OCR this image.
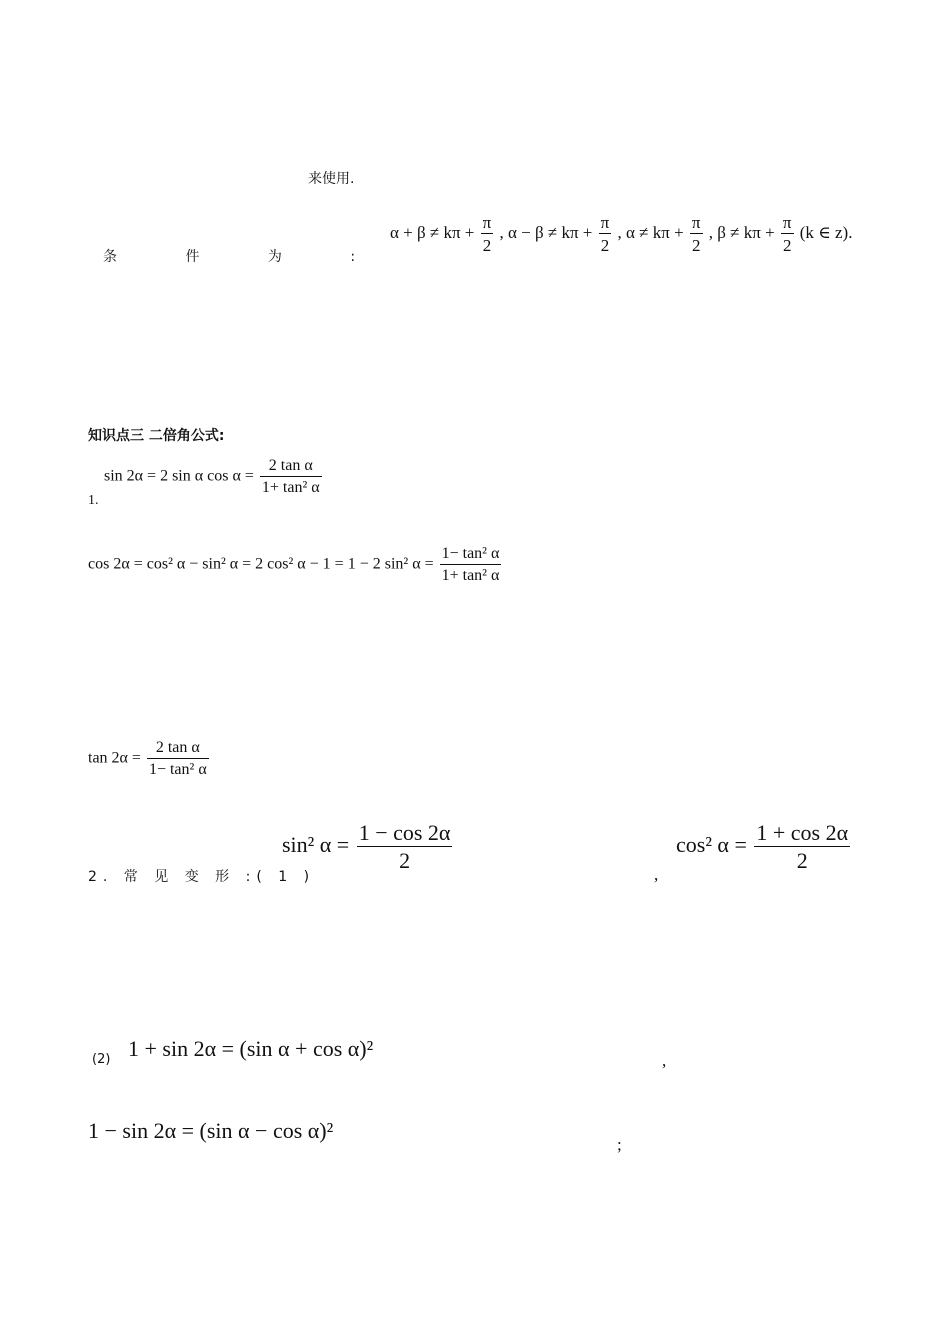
来使用.
条 件 为 :
$\alpha + \beta \ne k\pi + \frac{\pi}{2}$ , $\alpha - \beta \ne k\pi + \frac{\pi}{2}$ , $\alpha \ne k\pi + \frac{\pi}{2}$ , $\beta \ne k\pi + \frac{\pi}{2} (k$ ∈ z).
知识点三 二倍角公式:
sin 2α = 2 sin α $\cos \alpha = \frac{\text{2 tan α}}{\text{1+ tan² α}}$
1.
cos 2α = cos² α − sin² α = 2 cos² α − 1 = 1 − 2 sin² $\alpha = \frac{\text{1− tan² α}}{\text{1+ tan² α}}$
$\tan 2\alpha = \frac{\text{2 tan α}}{\text{1− tan² α}}$
2. 常 见 变 形 :( 1 )
sin² $\alpha = \frac{1 - \cos 2\alpha}{2}$
,
cos² $\alpha = \frac{1 + \cos 2\alpha}{2}$
(2) 1 + sin 2α = (sin α + cos α)²	,
1 − sin 2α = (sin α − cos α)²
;
